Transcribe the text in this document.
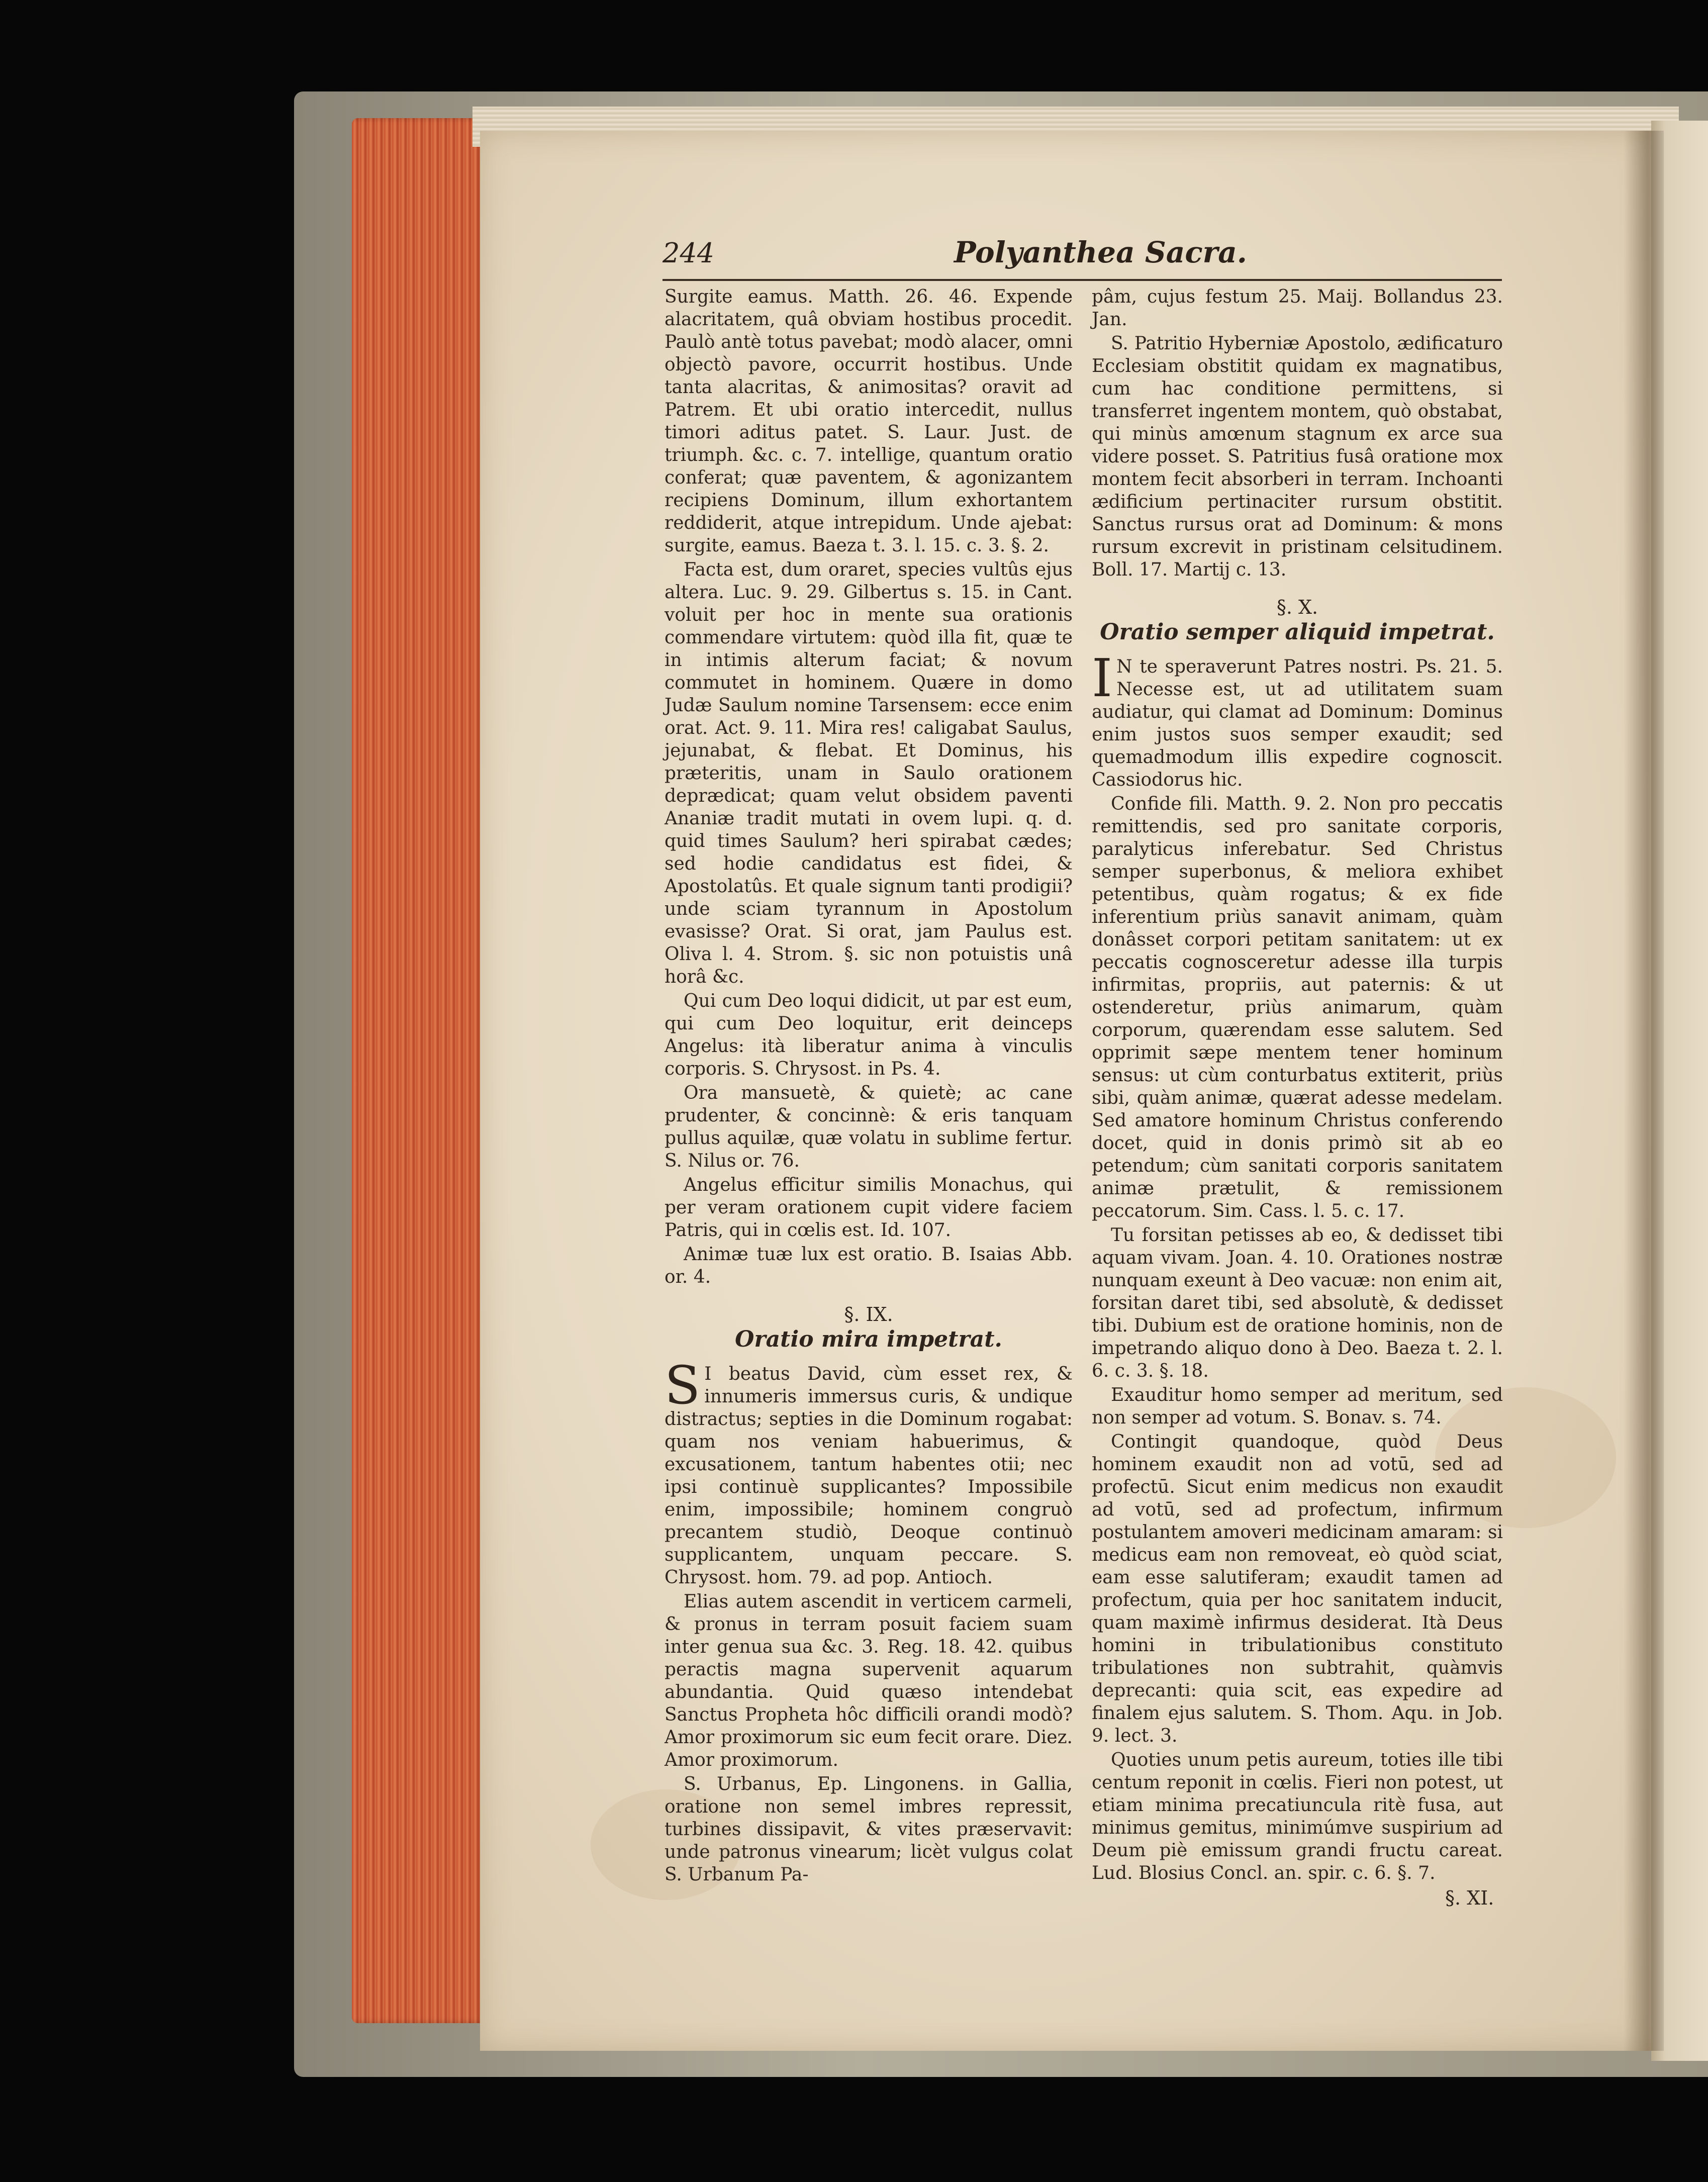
244	Polyanthea Sacra.

Surgite eamus. Matth. 26. 46. Expende alacritatem, quâ obviam hostibus procedit. Paulò antè totus pavebat; modò alacer, omni objectò pavore, occurrit hostibus. Unde tanta alacritas, & animositas? oravit ad Patrem. Et ubi oratio intercedit, nullus timori aditus patet. S. Laur. Just. de triumph. &c. c. 7. intellige, quantum oratio conferat; quæ paventem, & agonizantem recipiens Dominum, illum exhortantem reddiderit, atque intrepidum. Unde ajebat: surgite, eamus. Baeza t. 3. l. 15. c. 3. §. 2.

Facta est, dum oraret, species vultûs ejus altera. Luc. 9. 29. Gilbertus s. 15. in Cant. voluit per hoc in mente sua orationis commendare virtutem: quòd illa fit, quæ te in intimis alterum faciat; & novum commutet in hominem. Quære in domo Judæ Saulum nomine Tarsensem: ecce enim orat. Act. 9. 11. Mira res! caligabat Saulus, jejunabat, & flebat. Et Dominus, his præteritis, unam in Saulo orationem deprædicat; quam velut obsidem paventi Ananiæ tradit mutati in ovem lupi. q. d. quid times Saulum? heri spirabat cædes; sed hodie candidatus est fidei, & Apostolatûs. Et quale signum tanti prodigii? unde sciam tyrannum in Apostolum evasisse? Orat. Si orat, jam Paulus est. Oliva l. 4. Strom. §. sic non potuistis unâ horâ &c.

Qui cum Deo loqui didicit, ut par est eum, qui cum Deo loquitur, erit deinceps Angelus: ità liberatur anima à vinculis corporis. S. Chrysost. in Ps. 4.

Ora mansuetè, & quietè; ac cane prudenter, & concinnè: & eris tanquam pullus aquilæ, quæ volatu in sublime fertur. S. Nilus or. 76.

Angelus efficitur similis Monachus, qui per veram orationem cupit videre faciem Patris, qui in cœlis est. Id. 107.

Animæ tuæ lux est oratio. B. Isaias Abb. or. 4.

§. IX.
Oratio mira impetrat.

S I beatus David, cùm esset rex, & innumeris immersus curis, & undique distractus; septies in die Dominum rogabat: quam nos veniam habuerimus, & excusationem, tantum habentes otii; nec ipsi continuè supplicantes? Impossibile enim, impossibile; hominem congruò precantem studiò, Deoque continuò supplicantem, unquam peccare. S. Chrysost. hom. 79. ad pop. Antioch.

Elias autem ascendit in verticem carmeli, & pronus in terram posuit faciem suam inter genua sua &c. 3. Reg. 18. 42. quibus peractis magna supervenit aquarum abundantia. Quid quæso intendebat Sanctus Propheta hôc difficili orandi modò? Amor proximorum sic eum fecit orare. Diez. Amor proximorum.

S. Urbanus, Ep. Lingonens. in Gallia, oratione non semel imbres repressit, turbines dissipavit, & vites præservavit: unde patronus vinearum; licèt vulgus colat S. Urbanum Pa-

pâm, cujus festum 25. Maij. Bollandus 23. Jan.

S. Patritio Hyberniæ Apostolo, ædificaturo Ecclesiam obstitit quidam ex magnatibus, cum hac conditione permittens, si transferret ingentem montem, quò obstabat, qui minùs amœnum stagnum ex arce sua videre posset. S. Patritius fusâ oratione mox montem fecit absorberi in terram. Inchoanti ædificium pertinaciter rursum obstitit. Sanctus rursus orat ad Dominum: & mons rursum excrevit in pristinam celsitudinem. Boll. 17. Martij c. 13.

§. X.
Oratio semper aliquid impetrat.

I N te speraverunt Patres nostri. Ps. 21. 5. Necesse est, ut ad utilitatem suam audiatur, qui clamat ad Dominum: Dominus enim justos suos semper exaudit; sed quemadmodum illis expedire cognoscit. Cassiodorus hic.

Confide fili. Matth. 9. 2. Non pro peccatis remittendis, sed pro sanitate corporis, paralyticus inferebatur. Sed Christus semper superbonus, & meliora exhibet petentibus, quàm rogatus; & ex fide inferentium priùs sanavit animam, quàm donâsset corpori petitam sanitatem: ut ex peccatis cognosceretur adesse illa turpis infirmitas, propriis, aut paternis: & ut ostenderetur, priùs animarum, quàm corporum, quærendam esse salutem. Sed opprimit sæpe mentem tener hominum sensus: ut cùm conturbatus extiterit, priùs sibi, quàm animæ, quærat adesse medelam. Sed amatore hominum Christus conferendo docet, quid in donis primò sit ab eo petendum; cùm sanitati corporis sanitatem animæ prætulit, & remissionem peccatorum. Sim. Cass. l. 5. c. 17.

Tu forsitan petisses ab eo, & dedisset tibi aquam vivam. Joan. 4. 10. Orationes nostræ nunquam exeunt à Deo vacuæ: non enim ait, forsitan daret tibi, sed absolutè, & dedisset tibi. Dubium est de oratione hominis, non de impetrando aliquo dono à Deo. Baeza t. 2. l. 6. c. 3. §. 18.

Exauditur homo semper ad meritum, sed non semper ad votum. S. Bonav. s. 74.

Contingit quandoque, quòd Deus hominem exaudit non ad votū, sed ad profectū. Sicut enim medicus non exaudit ad votū, sed ad profectum, infirmum postulantem amoveri medicinam amaram: si medicus eam non removeat, eò quòd sciat, eam esse salutiferam; exaudit tamen ad profectum, quia per hoc sanitatem inducit, quam maximè infirmus desiderat. Ità Deus homini in tribulationibus constituto tribulationes non subtrahit, quàmvis deprecanti: quia scit, eas expedire ad finalem ejus salutem. S. Thom. Aqu. in Job. 9. lect. 3.

Quoties unum petis aureum, toties ille tibi centum reponit in cœlis. Fieri non potest, ut etiam minima precatiuncula ritè fusa, aut minimus gemitus, minimúmve suspirium ad Deum piè emissum grandi fructu careat. Lud. Blosius Concl. an. spir. c. 6. §. 7.

§. XI.
